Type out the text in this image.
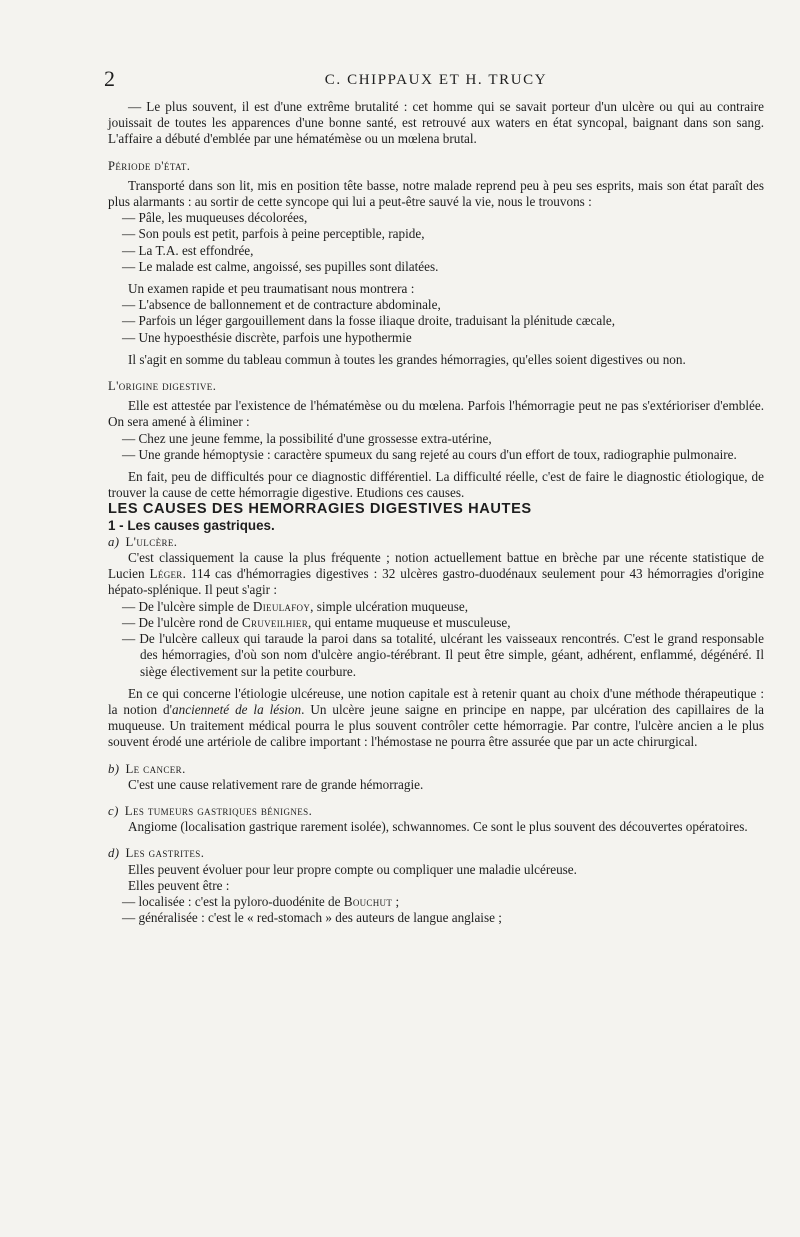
2	C. CHIPPAUX ET H. TRUCY

— Le plus souvent, il est d'une extrême brutalité : cet homme qui se savait porteur d'un ulcère ou qui au contraire jouissait de toutes les apparences d'une bonne santé, est retrouvé aux waters en état syncopal, baignant dans son sang. L'affaire a débuté d'emblée par une hématémèse ou un mœlena brutal.

Période d'état.

Transporté dans son lit, mis en position tête basse, notre malade reprend peu à peu ses esprits, mais son état paraît des plus alarmants : au sortir de cette syncope qui lui a peut-être sauvé la vie, nous le trouvons :

— Pâle, les muqueuses décolorées,

— Son pouls est petit, parfois à peine perceptible, rapide,

— La T.A. est effondrée,

— Le malade est calme, angoissé, ses pupilles sont dilatées.

Un examen rapide et peu traumatisant nous montrera :

— L'absence de ballonnement et de contracture abdominale,

— Parfois un léger gargouillement dans la fosse iliaque droite, traduisant la plénitude cæcale,

— Une hypoesthésie discrète, parfois une hypothermie

Il s'agit en somme du tableau commun à toutes les grandes hémorragies, qu'elles soient digestives ou non.

L'origine digestive.

Elle est attestée par l'existence de l'hématémèse ou du mœlena. Parfois l'hémorragie peut ne pas s'extérioriser d'emblée. On sera amené à éliminer :

— Chez une jeune femme, la possibilité d'une grossesse extra-utérine,

— Une grande hémoptysie : caractère spumeux du sang rejeté au cours d'un effort de toux, radiographie pulmonaire.

En fait, peu de difficultés pour ce diagnostic différentiel. La difficulté réelle, c'est de faire le diagnostic étiologique, de trouver la cause de cette hémorragie digestive. Etudions ces causes.

LES CAUSES DES HEMORRAGIES DIGESTIVES HAUTES

1 - Les causes gastriques.

a) L'ulcère.

C'est classiquement la cause la plus fréquente ; notion actuellement battue en brèche par une récente statistique de Lucien Léger. 114 cas d'hémorragies digestives : 32 ulcères gastro-duodénaux seulement pour 43 hémorragies d'origine hépato-splénique. Il peut s'agir :

— De l'ulcère simple de Dieulafoy, simple ulcération muqueuse,

— De l'ulcère rond de Cruveilhier, qui entame muqueuse et musculeuse,

— De l'ulcère calleux qui taraude la paroi dans sa totalité, ulcérant les vaisseaux rencontrés. C'est le grand responsable des hémorragies, d'où son nom d'ulcère angio-térébrant. Il peut être simple, géant, adhérent, enflammé, dégénéré. Il siège électivement sur la petite courbure.

En ce qui concerne l'étiologie ulcéreuse, une notion capitale est à retenir quant au choix d'une méthode thérapeutique : la notion d'ancienneté de la lésion. Un ulcère jeune saigne en principe en nappe, par ulcération des capillaires de la muqueuse. Un traitement médical pourra le plus souvent contrôler cette hémorragie. Par contre, l'ulcère ancien a le plus souvent érodé une artériole de calibre important : l'hémostase ne pourra être assurée que par un acte chirurgical.

b) Le cancer.

C'est une cause relativement rare de grande hémorragie.

c) Les tumeurs gastriques bénignes.

Angiome (localisation gastrique rarement isolée), schwannomes. Ce sont le plus souvent des découvertes opératoires.

d) Les gastrites.

Elles peuvent évoluer pour leur propre compte ou compliquer une maladie ulcéreuse.

Elles peuvent être :

— localisée : c'est la pyloro-duodénite de Bouchut ;

— généralisée : c'est le « red-stomach » des auteurs de langue anglaise ;
